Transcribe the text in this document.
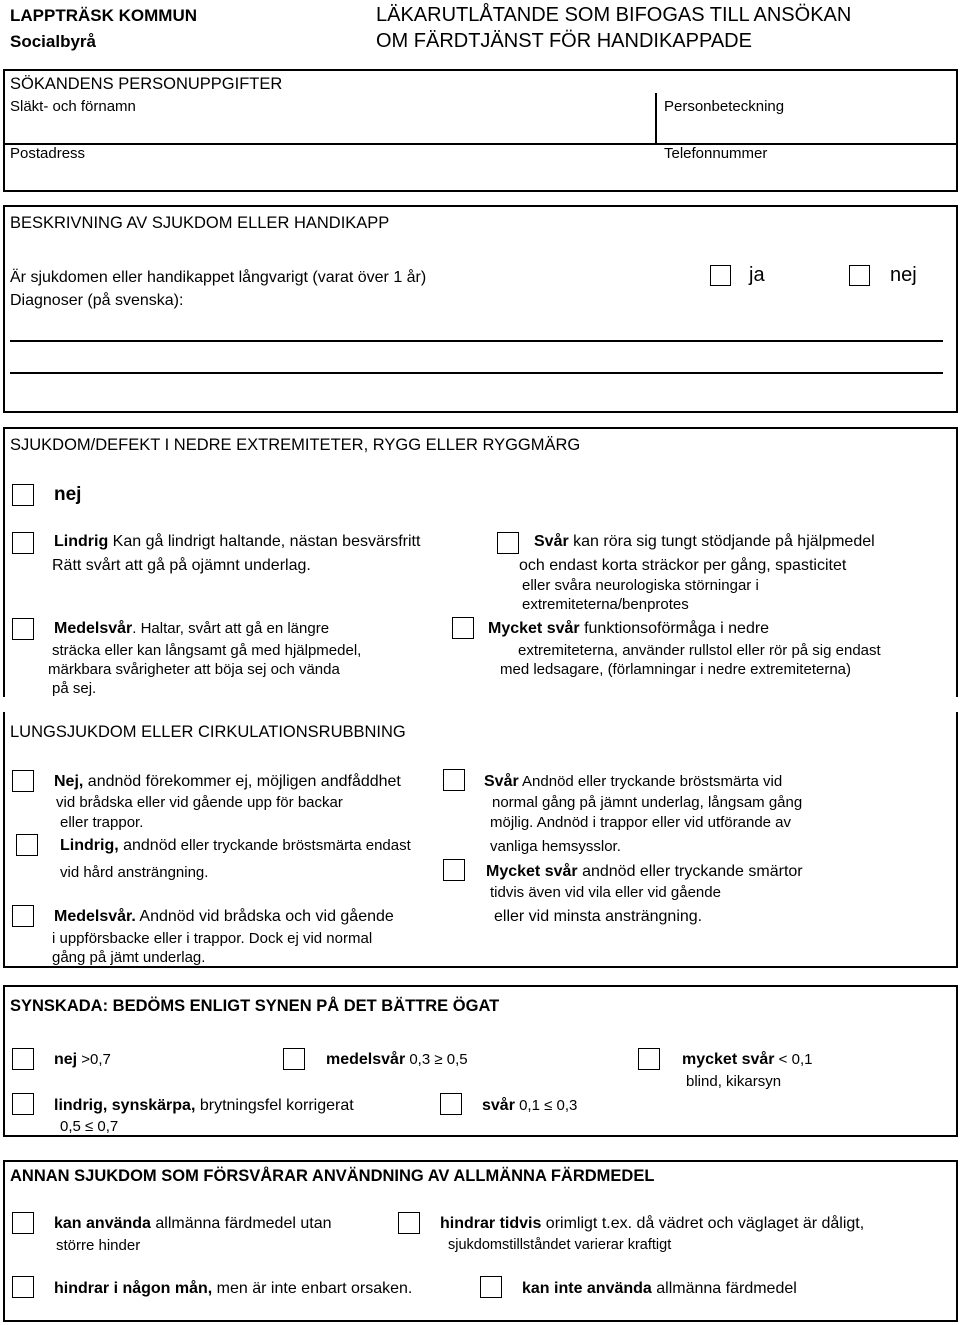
LAPPTRÄSK KOMMUN
Socialbyrå
LÄKARUTLÅTANDE SOM BIFOGAS TILL ANSÖKAN
OM FÄRDTJÄNST FÖR HANDIKAPPADE
SÖKANDENS PERSONUPPGIFTER
Släkt- och förnamn	Personbeteckning
Postadress	Telefonnummer
BESKRIVNING AV SJUKDOM ELLER HANDIKAPP
Är sjukdomen eller handikappet långvarigt (varat över 1 år)	ja	nej
Diagnoser (på svenska):
SJUKDOM/DEFEKT I NEDRE EXTREMITETER, RYGG ELLER RYGGMÄRG
nej
Lindrig Kan gå lindrigt haltande, nästan besvärsfritt
Rätt svårt att gå på ojämnt underlag.
Svår kan röra sig tungt stödjande på hjälpmedel
och endast korta sträckor per gång, spasticitet
eller svåra neurologiska störningar i
extremiteterna/benprotes
Medelsvår. Haltar, svårt att gå en längre
sträcka eller kan långsamt gå med hjälpmedel,
märkbara svårigheter att böja sej och vända
på sej.
Mycket svår funktionsoförmåga i nedre
extremiteterna, använder rullstol eller rör på sig endast
med ledsagare, (förlamningar i nedre extremiteterna)
LUNGSJUKDOM ELLER CIRKULATIONSRUBBNING
Nej, andnöd förekommer ej, möjligen andfåddhet
vid brådska eller vid gående upp för backar
eller trappor.
Lindrig, andnöd eller tryckande bröstsmärta endast
vid hård ansträngning.
Medelsvår. Andnöd vid brådska och vid gående
i uppförsbacke eller i trappor. Dock ej vid normal
gång på jämt underlag.
Svår Andnöd eller tryckande bröstsmärta vid
normal gång på jämnt underlag, långsam gång
möjlig. Andnöd i trappor eller vid utförande av
vanliga hemsysslor.
Mycket svår andnöd eller tryckande smärtor
tidvis även vid vila eller vid gående
eller vid minsta ansträngning.
SYNSKADA: BEDÖMS ENLIGT SYNEN PÅ DET BÄTTRE ÖGAT
nej >0,7	medelsvår 0,3 ≥ 0,5	mycket svår < 0,1
blind, kikarsyn
lindrig, synskärpa, brytningsfel korrigerat
0,5 ≤ 0,7
svår 0,1 ≤ 0,3
ANNAN SJUKDOM SOM FÖRSVÅRAR ANVÄNDNING AV ALLMÄNNA FÄRDMEDEL
kan använda allmänna färdmedel utan
större hinder
hindrar tidvis orimligt t.ex. då vädret och väglaget är dåligt,
sjukdomstillståndet varierar kraftigt
hindrar i någon mån, men är inte enbart orsaken.	kan inte använda allmänna färdmedel
